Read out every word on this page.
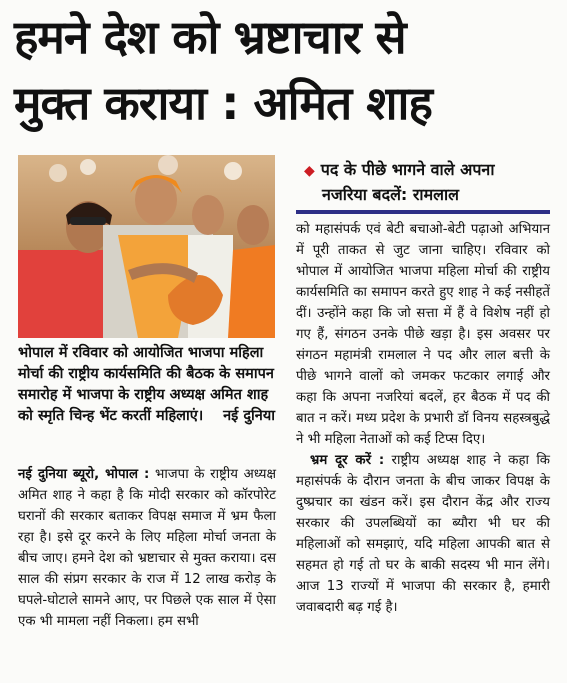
हमने देश को भ्रष्टाचार से
मुक्त कराया : अमित शाह
भोपाल में रविवार को आयोजित भाजपा महिला मोर्चा की राष्ट्रीय कार्यसमिति की बैठक के समापन समारोह में भाजपा के राष्ट्रीय अध्यक्ष अमित शाह को स्मृति चिन्ह भेंट करतीं महिलाएं। नई दुनिया
नई दुनिया ब्यूरो, भोपाल : भाजपा के राष्ट्रीय अध्यक्ष अमित शाह ने कहा है कि मोदी सरकार को कॉरपोरेट घरानों की सरकार बताकर विपक्ष समाज में भ्रम फैला रहा है। इसे दूर करने के लिए महिला मोर्चा जनता के बीच जाए। हमने देश को भ्रष्टाचार से मुक्त कराया। दस साल की संप्रग सरकार के राज में 12 लाख करोड़ के घपले-घोटाले सामने आए, पर पिछले एक साल में ऐसा एक भी मामला नहीं निकला। हम सभी
◆ पद के पीछे भागने वाले अपना
नजरिया बदलें: रामलाल

को महासंपर्क एवं बेटी बचाओ-बेटी पढ़ाओ अभियान में पूरी ताकत से जुट जाना चाहिए। रविवार को भोपाल में आयोजित भाजपा महिला मोर्चा की राष्ट्रीय कार्यसमिति का समापन करते हुए शाह ने कई नसीहतें दीं। उन्होंने कहा कि जो सत्ता में हैं वे विशेष नहीं हो गए हैं, संगठन उनके पीछे खड़ा है। इस अवसर पर संगठन महामंत्री रामलाल ने पद और लाल बत्ती के पीछे भागने वालों को जमकर फटकार लगाई और कहा कि अपना नजरियां बदलें, हर बैठक में पद की बात न करें। मध्य प्रदेश के प्रभारी डॉ विनय सहस्त्रबुद्धे ने भी महिला नेताओं को कई टिप्स दिए।

भ्रम दूर करें : राष्ट्रीय अध्यक्ष शाह ने कहा कि महासंपर्क के दौरान जनता के बीच जाकर विपक्ष के दुष्प्रचार का खंडन करें। इस दौरान केंद्र और राज्य सरकार की उपलब्धियों का ब्यौरा भी घर की महिलाओं को समझाएं, यदि महिला आपकी बात से सहमत हो गई तो घर के बाकी सदस्य भी मान लेंगे। आज 13 राज्यों में भाजपा की सरकार है, हमारी जवाबदारी बढ़ गई है।
